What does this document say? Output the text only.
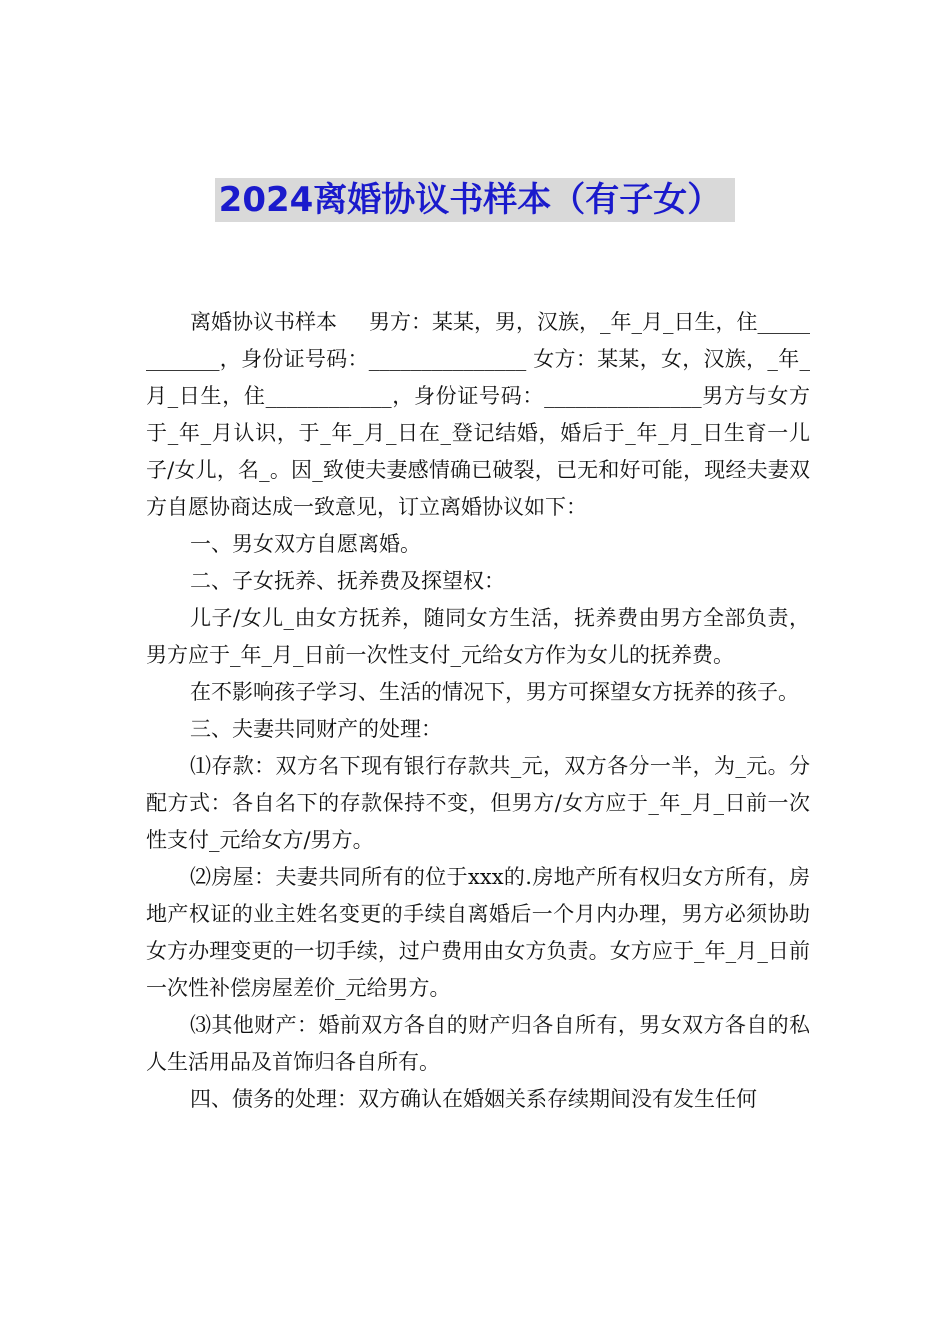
2024离婚协议书样本（有子女）

离婚协议书样本 男方：某某，男，汉族，_年_月_日生，住____________，身份证号码：_______________ 女方：某某，女，汉族，_年_月_日生，住____________，身份证号码：_______________男方与女方于_年_月认识，于_年_月_日在_登记结婚，婚后于_年_月_日生育一儿子/女儿，名_。因_致使夫妻感情确已破裂，已无和好可能，现经夫妻双方自愿协商达成一致意见，订立离婚协议如下：

一、男女双方自愿离婚。

二、子女抚养、抚养费及探望权：

儿子/女儿_由女方抚养，随同女方生活，抚养费由男方全部负责，男方应于_年_月_日前一次性支付_元给女方作为女儿的抚养费。

在不影响孩子学习、生活的情况下，男方可探望女方抚养的孩子。

三、夫妻共同财产的处理：

⑴存款：双方名下现有银行存款共_元，双方各分一半，为_元。分配方式：各自名下的存款保持不变，但男方/女方应于_年_月_日前一次性支付_元给女方/男方。

⑵房屋：夫妻共同所有的位于xxx的.房地产所有权归女方所有，房地产权证的业主姓名变更的手续自离婚后一个月内办理，男方必须协助女方办理变更的一切手续，过户费用由女方负责。女方应于_年_月_日前一次性补偿房屋差价_元给男方。

⑶其他财产：婚前双方各自的财产归各自所有，男女双方各自的私人生活用品及首饰归各自所有。

四、债务的处理：双方确认在婚姻关系存续期间没有发生任何
